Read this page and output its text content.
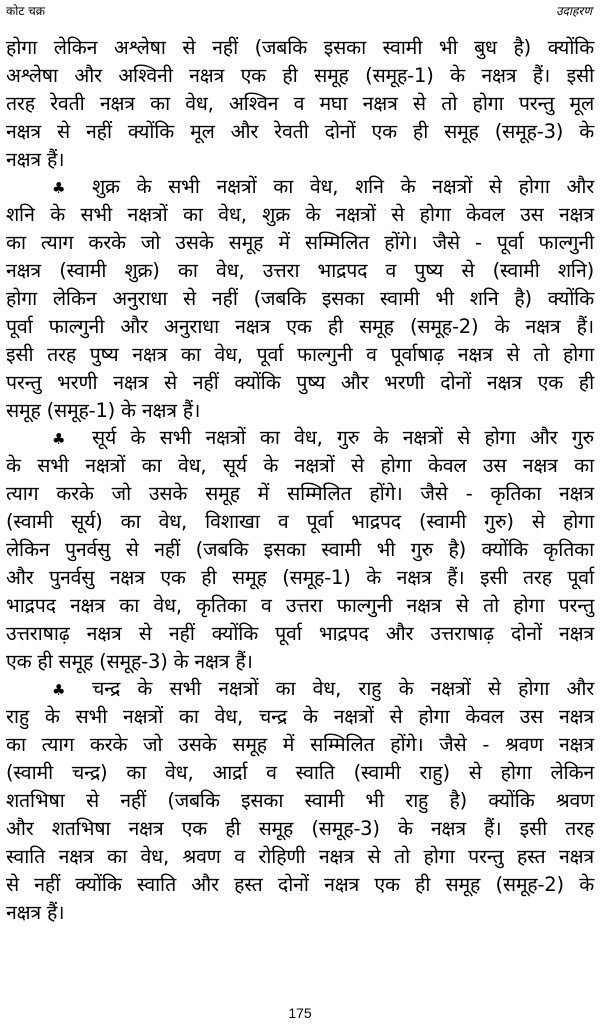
कोट चक्र	उदाहरण
होगा लेकिन अश्लेषा से नहीं (जबकि इसका स्वामी भी बुध है) क्योंकि
अश्लेषा और अश्विनी नक्षत्र एक ही समूह (समूह-1) के नक्षत्र हैं। इसी
तरह रेवती नक्षत्र का वेध, अश्विन व मघा नक्षत्र से तो होगा परन्तु मूल
नक्षत्र से नहीं क्योंकि मूल और रेवती दोनों एक ही समूह (समूह-3) के
नक्षत्र हैं।
♣ शुक्र के सभी नक्षत्रों का वेध, शनि के नक्षत्रों से होगा और
शनि के सभी नक्षत्रों का वेध, शुक्र के नक्षत्रों से होगा केवल उस नक्षत्र
का त्याग करके जो उसके समूह में सम्मिलित होंगे। जैसे - पूर्वा फाल्गुनी
नक्षत्र (स्वामी शुक्र) का वेध, उत्तरा भाद्रपद व पुष्य से (स्वामी शनि)
होगा लेकिन अनुराधा से नहीं (जबकि इसका स्वामी भी शनि है) क्योंकि
पूर्वा फाल्गुनी और अनुराधा नक्षत्र एक ही समूह (समूह-2) के नक्षत्र हैं।
इसी तरह पुष्य नक्षत्र का वेध, पूर्वा फाल्गुनी व पूर्वाषाढ़ नक्षत्र से तो होगा
परन्तु भरणी नक्षत्र से नहीं क्योंकि पुष्य और भरणी दोनों नक्षत्र एक ही
समूह (समूह-1) के नक्षत्र हैं।
♣ सूर्य के सभी नक्षत्रों का वेध, गुरु के नक्षत्रों से होगा और गुरु
के सभी नक्षत्रों का वेध, सूर्य के नक्षत्रों से होगा केवल उस नक्षत्र का
त्याग करके जो उसके समूह में सम्मिलित होंगे। जैसे - कृतिका नक्षत्र
(स्वामी सूर्य) का वेध, विशाखा व पूर्वा भाद्रपद (स्वामी गुरु) से होगा
लेकिन पुनर्वसु से नहीं (जबकि इसका स्वामी भी गुरु है) क्योंकि कृतिका
और पुनर्वसु नक्षत्र एक ही समूह (समूह-1) के नक्षत्र हैं। इसी तरह पूर्वा
भाद्रपद नक्षत्र का वेध, कृतिका व उत्तरा फाल्गुनी नक्षत्र से तो होगा परन्तु
उत्तराषाढ़ नक्षत्र से नहीं क्योंकि पूर्वा भाद्रपद और उत्तराषाढ़ दोनों नक्षत्र
एक ही समूह (समूह-3) के नक्षत्र हैं।
♣ चन्द्र के सभी नक्षत्रों का वेध, राहु के नक्षत्रों से होगा और
राहु के सभी नक्षत्रों का वेध, चन्द्र के नक्षत्रों से होगा केवल उस नक्षत्र
का त्याग करके जो उसके समूह में सम्मिलित होंगे। जैसे - श्रवण नक्षत्र
(स्वामी चन्द्र) का वेध, आर्द्रा व स्वाति (स्वामी राहु) से होगा लेकिन
शतभिषा से नहीं (जबकि इसका स्वामी भी राहु है) क्योंकि श्रवण
और शतभिषा नक्षत्र एक ही समूह (समूह-3) के नक्षत्र हैं। इसी तरह
स्वाति नक्षत्र का वेध, श्रवण व रोहिणी नक्षत्र से तो होगा परन्तु हस्त नक्षत्र
से नहीं क्योंकि स्वाति और हस्त दोनों नक्षत्र एक ही समूह (समूह-2) के
नक्षत्र हैं।
175
